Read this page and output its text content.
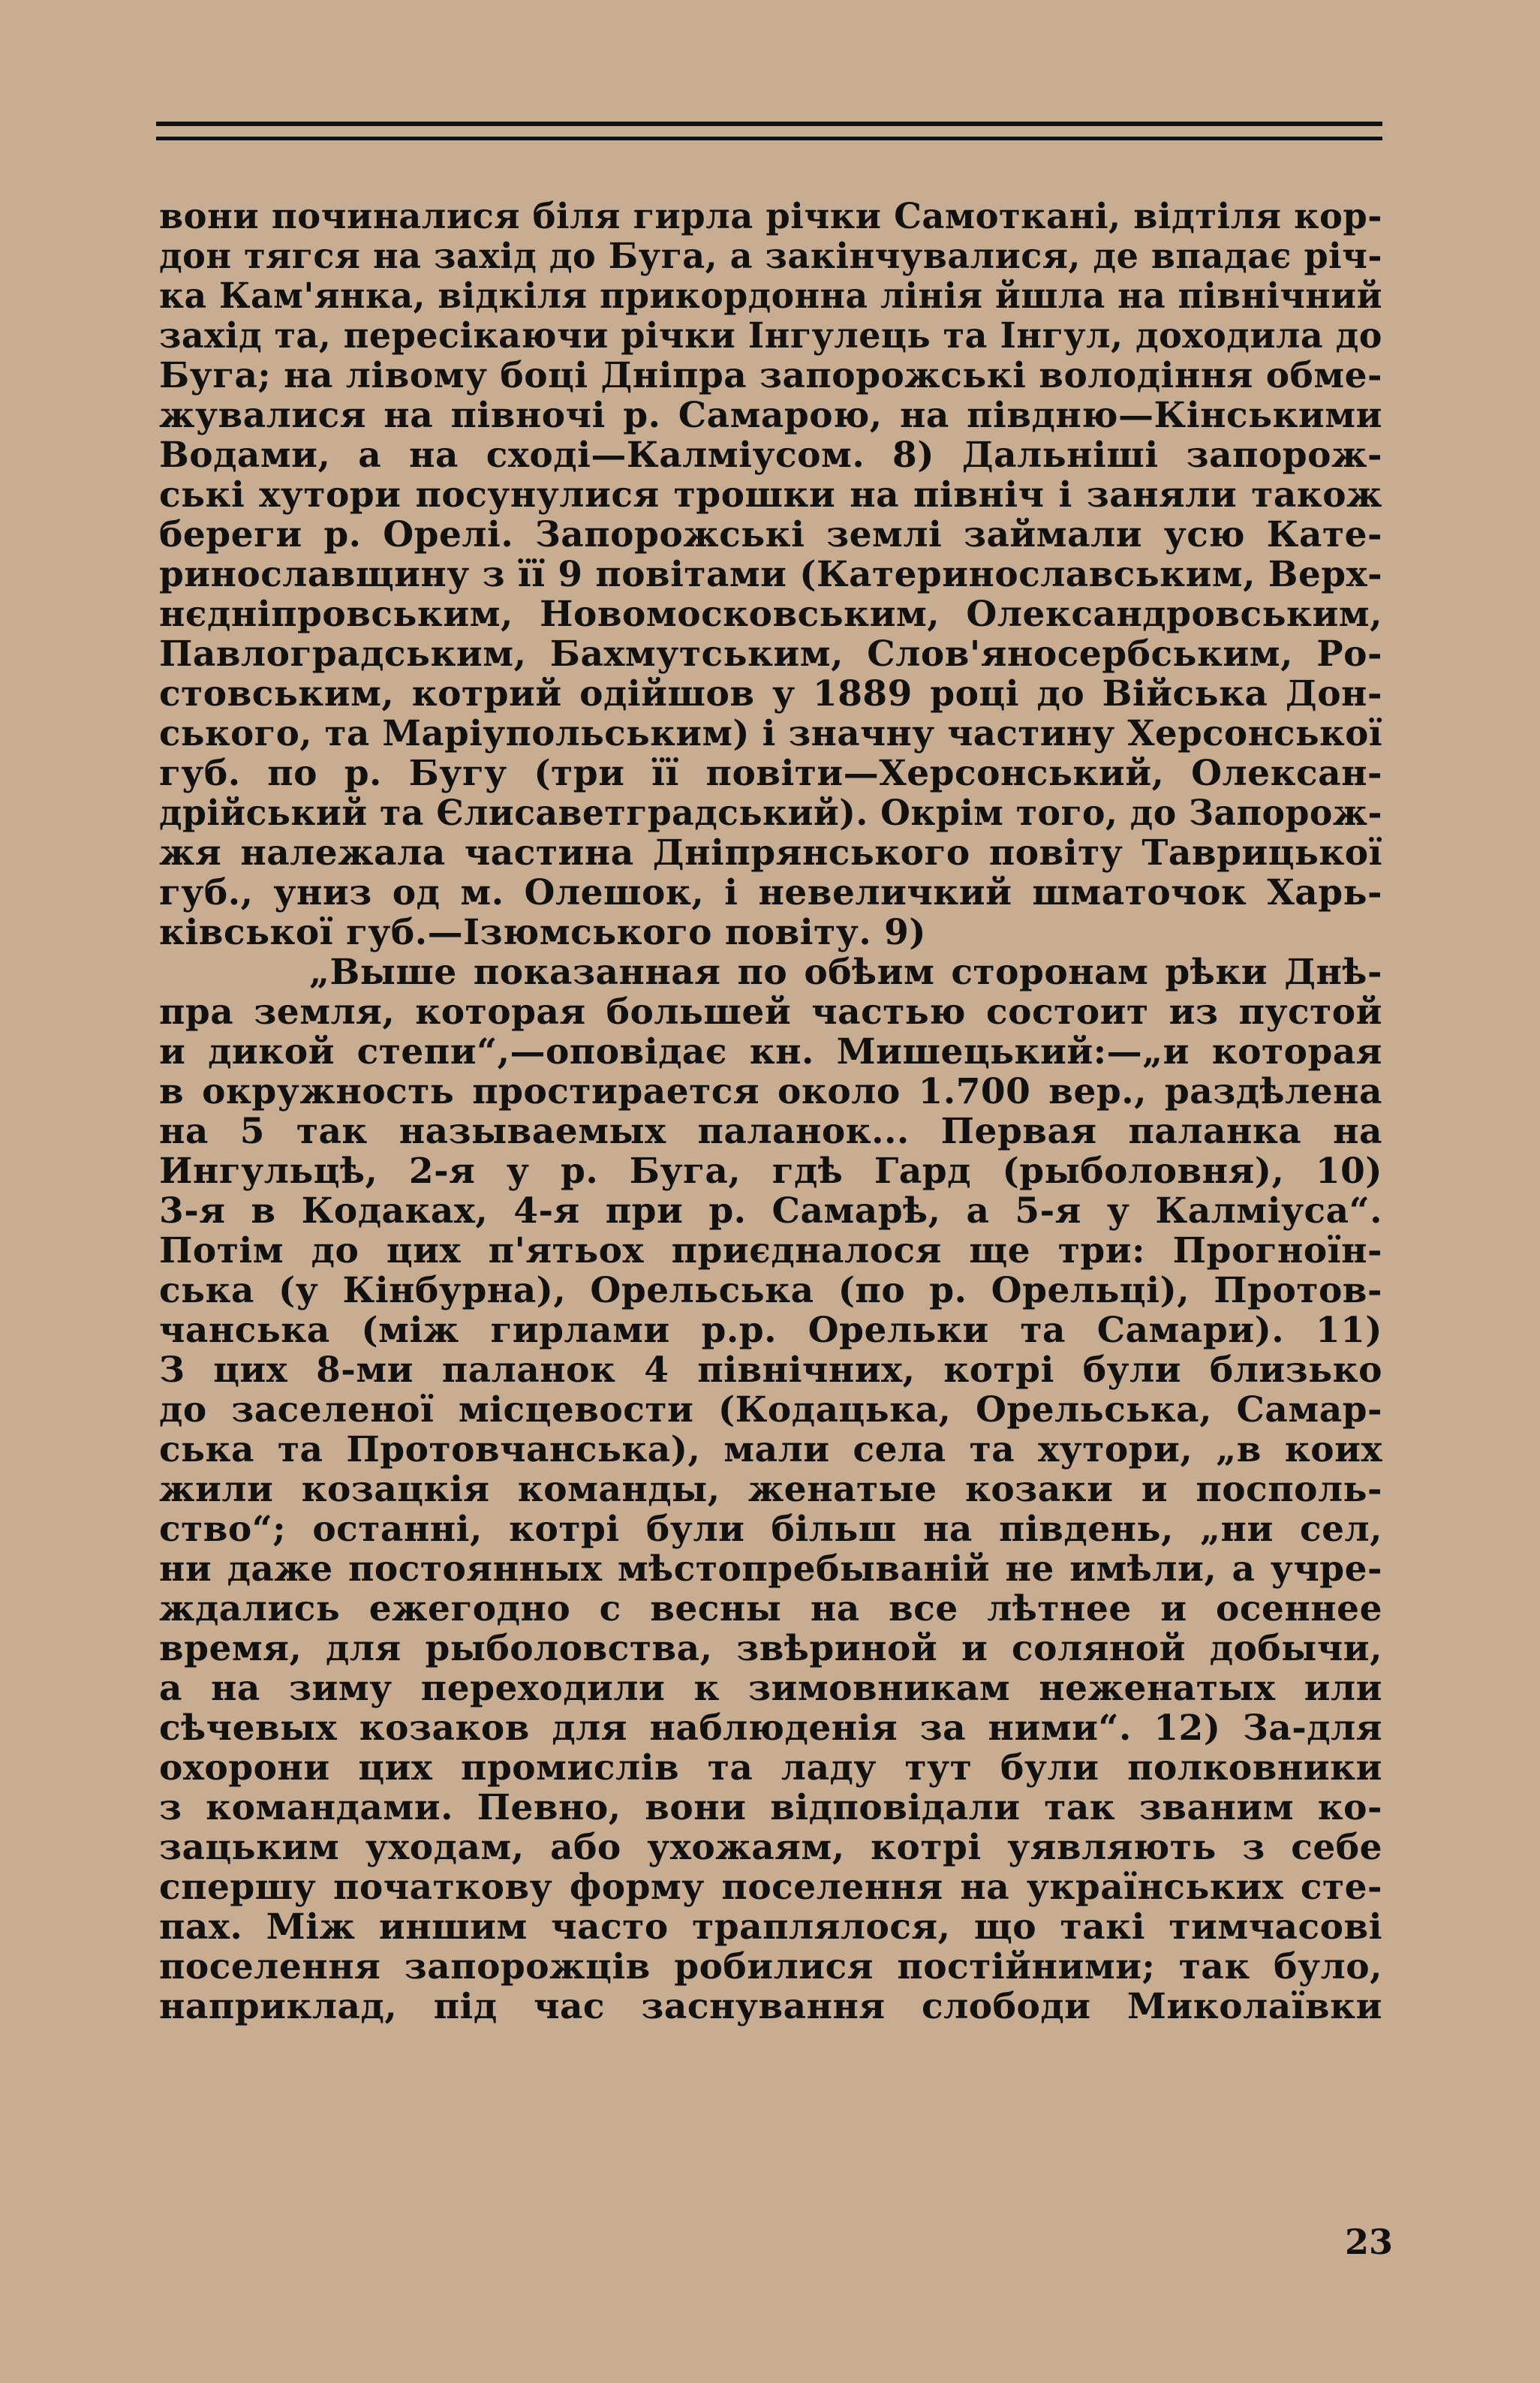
вони починалися біля гирла річки Самоткані, відтіля кор-
дон тягся на захід до Буга, а закінчувалися, де впадає річ-
ка Кам'янка, відкіля прикордонна лінія йшла на північний
захід та, пересікаючи річки Інгулець та Інгул, доходила до
Буга; на лівому боці Дніпра запорожські володіння обме-
жувалися на півночі р. Самарою, на півдню—Кінськими
Водами, а на сході—Калміусом. 8) Дальніші запорож-
ські хутори посунулися трошки на північ і заняли також
береги р. Орелі. Запорожські землі займали усю Кате-
ринославщину з її 9 повітами (Катеринославським, Верх-
нєдніпровським, Новомосковським, Олександровським,
Павлоградським, Бахмутським, Слов'яносербським, Ро-
стовським, котрий одійшов у 1889 році до Війська Дон-
ського, та Маріупольським) і значну частину Херсонської
губ. по р. Бугу (три її повіти—Херсонський, Олексан-
дрійський та Єлисаветградський). Окрім того, до Запорож-
жя належала частина Дніпрянського повіту Таврицької
губ., униз од м. Олешок, і невеличкий шматочок Харь-
ківської губ.—Ізюмського повіту. 9)
„Выше показанная по обѣим сторонам рѣки Днѣ-
пра земля, которая большей частью состоит из пустой
и дикой степи“,—оповідає кн. Мишецький:—„и которая
в окружность простирается около 1.700 вер., раздѣлена
на 5 так называемых паланок... Первая паланка на
Ингульцѣ, 2-я у р. Буга, гдѣ Гард (рыболовня), 10)
3-я в Кодаках, 4-я при р. Самарѣ, а 5-я у Калміуса“.
Потім до цих п'ятьох приєдналося ще три: Прогноїн-
ська (у Кінбурна), Орельська (по р. Орельці), Протов-
чанська (між гирлами р.р. Орельки та Самари). 11)
З цих 8-ми паланок 4 північних, котрі були близько
до заселеної місцевости (Кодацька, Орельська, Самар-
ська та Протовчанська), мали села та хутори, „в коих
жили козацкія команды, женатые козаки и посполь-
ство“; останні, котрі були більш на південь, „ни сел,
ни даже постоянных мѣстопребыванiй не имѣли, а учре-
ждались ежегодно с весны на все лѣтнее и осеннее
время, для рыболовства, звѣриной и соляной добычи,
а на зиму переходили к зимовникам неженатых или
сѣчевых козаков для наблюденія за ними“. 12) За-для
охорони цих промислів та ладу тут були полковники
з командами. Певно, вони відповідали так званим ко-
зацьким уходам, або ухожаям, котрі уявляють з себе
спершу початкову форму поселення на українських сте-
пах. Між иншим часто траплялося, що такі тимчасові
поселення запорожців робилися постійними; так було,
наприклад, під час заснування слободи Миколаївки
23
